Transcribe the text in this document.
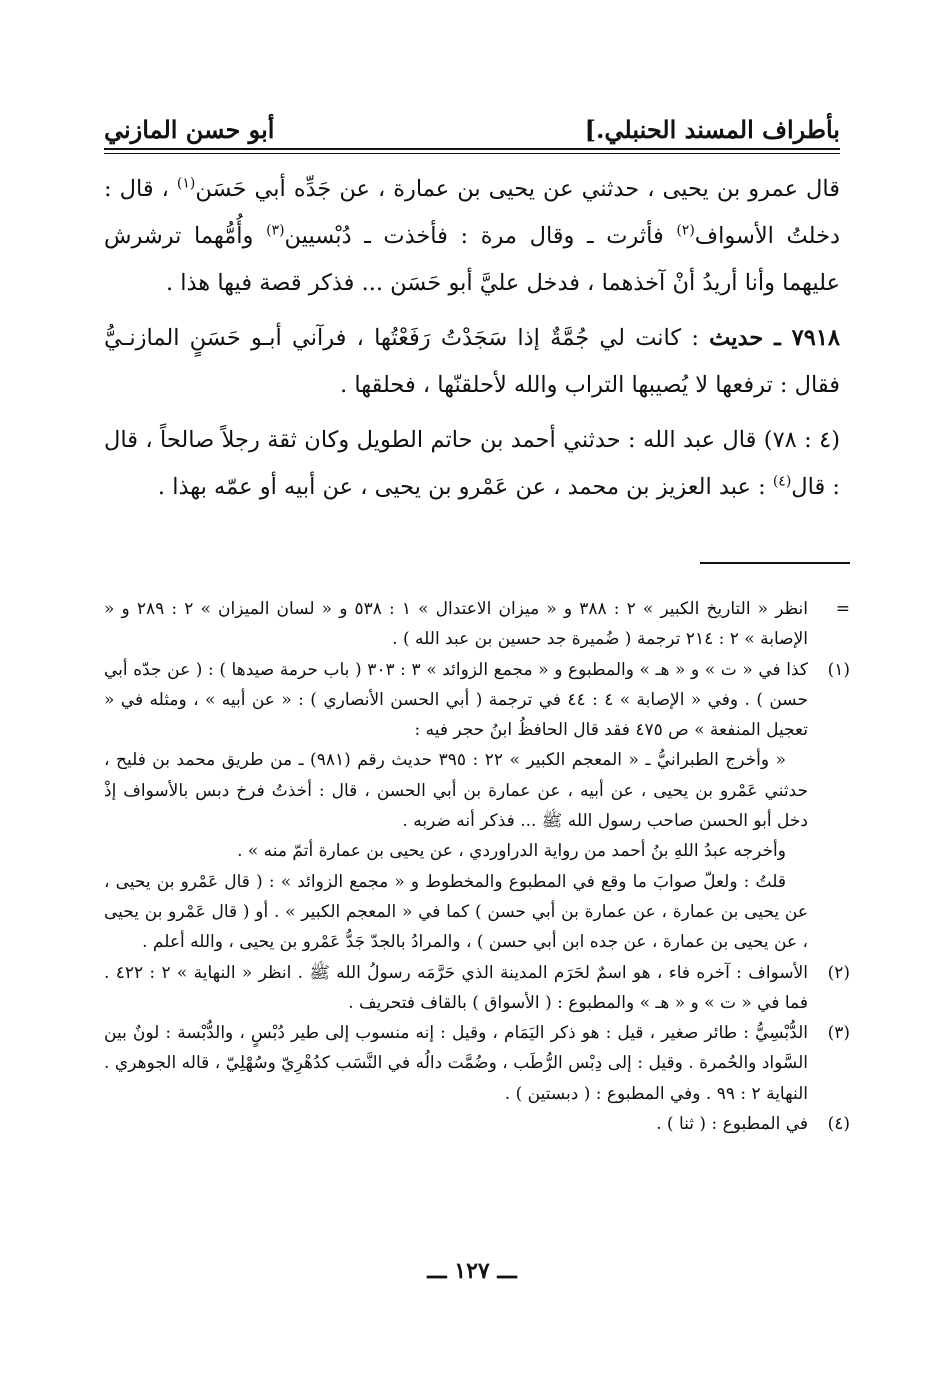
بأطراف المسند الحنبلي.]
أبو حسن المازني

قال عمرو بن يحيى ، حدثني عن يحيى بن عمارة ، عن جَدِّه أبي حَسَن$^{(١)}$ ، قال : دخلتُ الأسواف$^{(٢)}$ فأثرت ـ وقال مرة : فأخذت ـ دُبْسيين$^{(٣)}$ وأُمُّهما ترشرش عليهما وأنا أريدُ أنْ آخذهما ، فدخل عليَّ أبو حَسَن ... فذكر قصة فيها هذا .

٧٩١٨ ـ حديث : كانت لي جُمَّةٌ إذا سَجَدْتُ رَفَعْتُها ، فرآني أبـو حَسَنٍ المازنـيُّ فقال : ترفعها لا يُصيبها التراب والله لأحلقنّها ، فحلقها .

(٤ : ٧٨) قال عبد الله : حدثني أحمد بن حاتم الطويل وكان ثقة رجلاً صالحاً ، قال : قال$^{(٤)}$ : عبد العزيز بن محمد ، عن عَمْرو بن يحيى ، عن أبيه أو عمّه بهذا .

=

انظر « التاريخ الكبير » ٢ : ٣٨٨ و « ميزان الاعتدال » ١ : ٥٣٨ و « لسان الميزان » ٢ : ٢٨٩ و « الإصابة » ٢ : ٢١٤ ترجمة ( ضُميرة جد حسين بن عبد الله ) .

(١)

كذا في « ت » و « هـ » والمطبوع و « مجمع الزوائد » ٣ : ٣٠٣ ( باب حرمة صيدها ) : ( عن جدّه أبي حسن ) . وفي « الإصابة » ٤ : ٤٤ في ترجمة ( أبي الحسن الأنصاري ) : « عن أبيه » ، ومثله في « تعجيل المنفعة » ص ٤٧٥ فقد قال الحافظُ ابنُ حجر فيه :

« وأخرج الطبرانيُّ ـ « المعجم الكبير » ٢٢ : ٣٩٥ حديث رقم (٩٨١) ـ من طريق محمد بن فليح ، حدثني عَمْرو بن يحيى ، عن أبيه ، عن عمارة بن أبي الحسن ، قال : أخذتُ فرخ دبس بالأسواف إذْ دخل أبو الحسن صاحب رسول الله ﷺ ... فذكر أنه ضربه .

وأخرجه عبدُ اللهِ بنُ أحمد من رواية الدراوردي ، عن يحيى بن عمارة أتمّ منه » .

قلتُ : ولعلّ صوابَ ما وقع في المطبوع والمخطوط و « مجمع الزوائد » : ( قال عَمْرو بن يحيى ، عن يحيى بن عمارة ، عن عمارة بن أبي حسن ) كما في « المعجم الكبير » . أو ( قال عَمْرو بن يحيى ، عن يحيى بن عمارة ، عن جده ابن أبي حسن ) ، والمرادُ بالجدّ جَدُّ عَمْرو بن يحيى ، والله أعلم .

(٢)

الأسواف : آخره فاء ، هو اسمٌ لحَرَم المدينة الذي حَرَّمَه رسولُ الله ﷺ . انظر « النهاية » ٢ : ٤٢٢ . فما في « ت » و « هـ » والمطبوع : ( الأسواق ) بالقاف فتحريف .

(٣)

الدُّبْسِيُّ : طائر صغير ، قيل : هو ذكر اليَمَام ، وقيل : إنه منسوب إلى طير دُبْسٍ ، والدُّبْسة : لونٌ بين السَّواد والحُمرة . وقيل : إلى دِبْس الرُّطَب ، وضُمَّت دالُه في النَّسَب كدُهْرِيّ وسُهْلِيّ ، قاله الجوهري . النهاية ٢ : ٩٩ . وفي المطبوع : ( دبستين ) .

(٤)

في المطبوع : ( ثنا ) .

ـــ ١٢٧ ـــ
